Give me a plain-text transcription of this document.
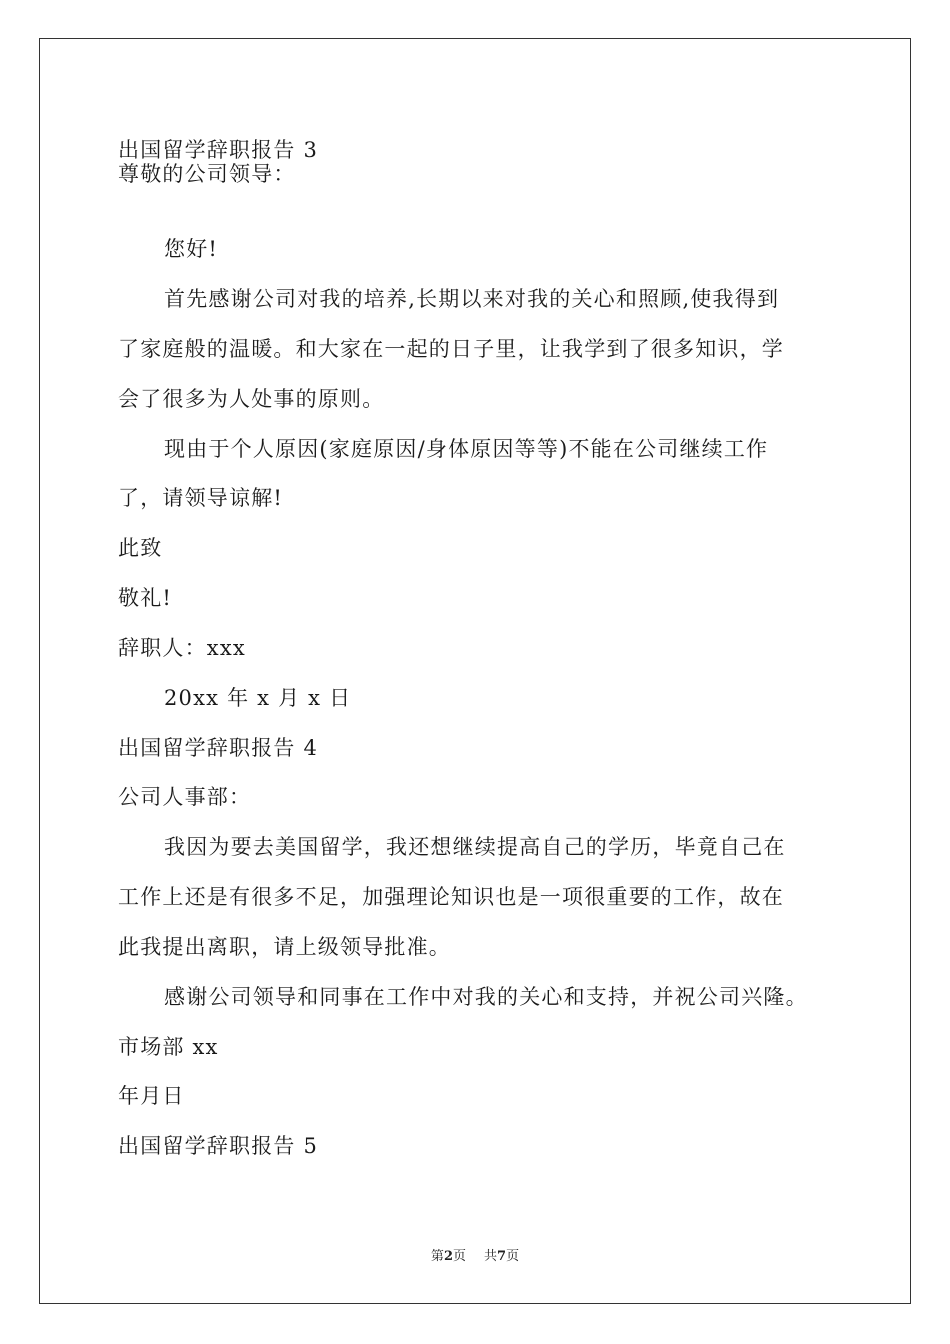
出国留学辞职报告 3
尊敬的公司领导：
您好!
首先感谢公司对我的培养,长期以来对我的关心和照顾,使我得到
了家庭般的温暖。和大家在一起的日子里，让我学到了很多知识，学
会了很多为人处事的原则。
现由于个人原因(家庭原因/身体原因等等)不能在公司继续工作
了，请领导谅解!
此致
敬礼!
辞职人：xxx
20xx 年 x 月 x 日
出国留学辞职报告 4
公司人事部：
我因为要去美国留学，我还想继续提高自己的学历，毕竟自己在
工作上还是有很多不足，加强理论知识也是一项很重要的工作，故在
此我提出离职，请上级领导批准。
感谢公司领导和同事在工作中对我的关心和支持，并祝公司兴隆。
市场部 xx
年月日
出国留学辞职报告 5
第2页 共7页
